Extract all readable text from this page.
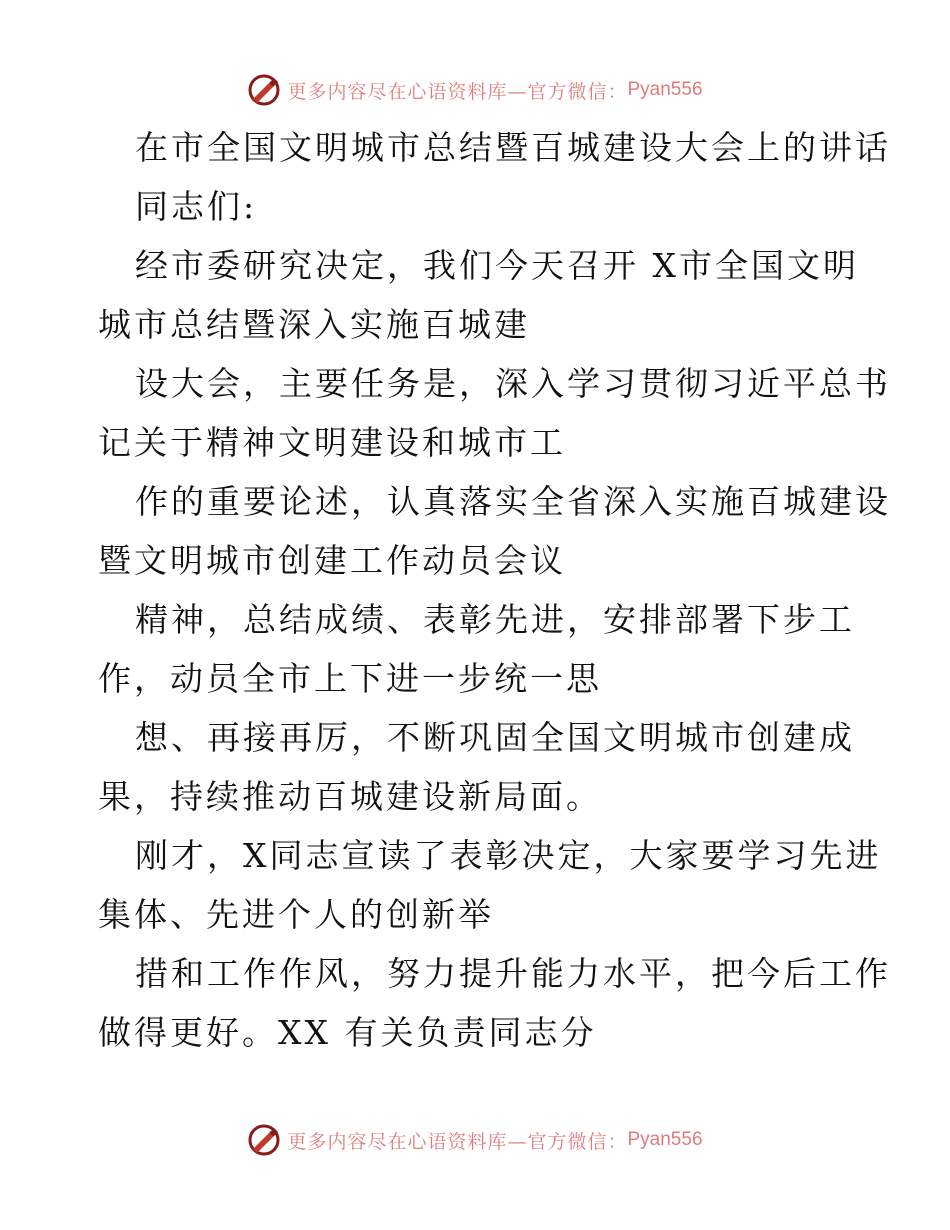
更多内容尽在心语资料库—官方微信： Pyan556
在市全国文明城市总结暨百城建设大会上的讲话
同志们:
经市委研究决定，我们今天召开 X市全国文明
城市总结暨深入实施百城建
设大会，主要任务是，深入学习贯彻习近平总书
记关于精神文明建设和城市工
作的重要论述，认真落实全省深入实施百城建设
暨文明城市创建工作动员会议
精神，总结成绩、表彰先进，安排部署下步工
作，动员全市上下进一步统一思
想、再接再厉，不断巩固全国文明城市创建成
果，持续推动百城建设新局面。
刚才，X同志宣读了表彰决定，大家要学习先进
集体、先进个人的创新举
措和工作作风，努力提升能力水平，把今后工作
做得更好。XX 有关负责同志分
更多内容尽在心语资料库—官方微信： Pyan556
